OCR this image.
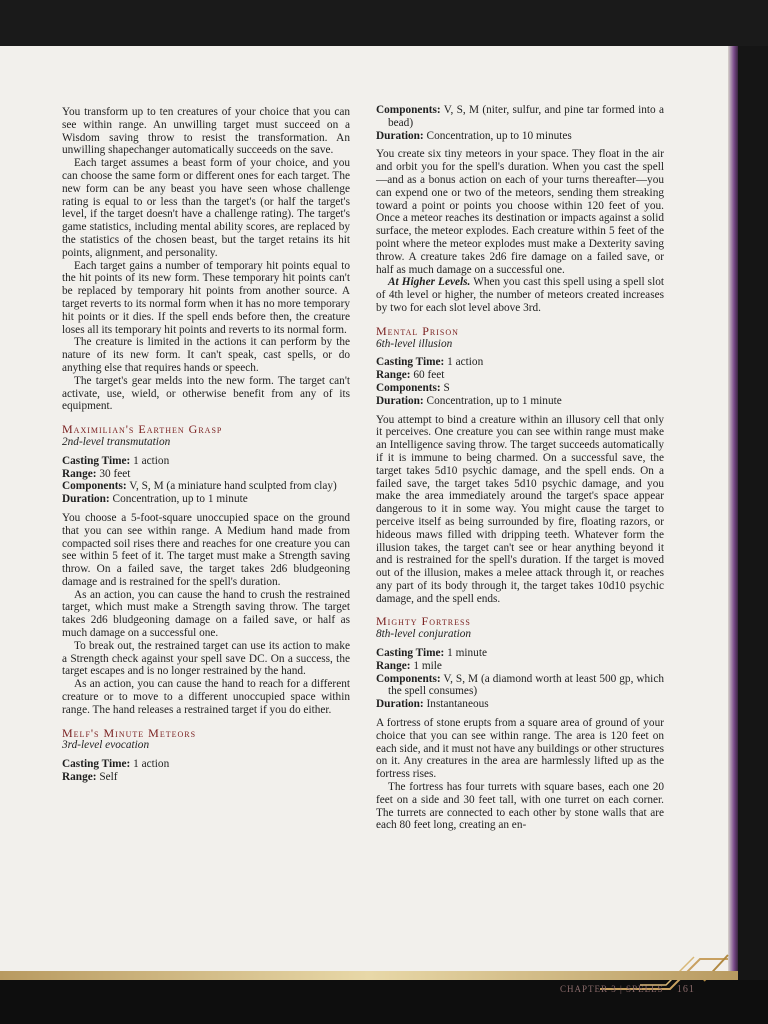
You transform up to ten creatures of your choice that you can see within range. An unwilling target must succeed on a Wisdom saving throw to resist the transformation. An unwilling shapechanger automatically succeeds on the save.

Each target assumes a beast form of your choice, and you can choose the same form or different ones for each target. The new form can be any beast you have seen whose challenge rating is equal to or less than the target's (or half the target's level, if the target doesn't have a challenge rating). The target's game statistics, including mental ability scores, are replaced by the statistics of the chosen beast, but the target retains its hit points, alignment, and personality.

Each target gains a number of temporary hit points equal to the hit points of its new form. These temporary hit points can't be replaced by temporary hit points from another source. A target reverts to its normal form when it has no more temporary hit points or it dies. If the spell ends before then, the creature loses all its temporary hit points and reverts to its normal form.

The creature is limited in the actions it can perform by the nature of its new form. It can't speak, cast spells, or do anything else that requires hands or speech.

The target's gear melds into the new form. The target can't activate, use, wield, or otherwise benefit from any of its equipment.

Maximilian's Earthen Grasp
2nd-level transmutation

Casting Time: 1 action

Range: 30 feet

Components: V, S, M (a miniature hand sculpted from clay)

Duration: Concentration, up to 1 minute

You choose a 5-foot-square unoccupied space on the ground that you can see within range. A Medium hand made from compacted soil rises there and reaches for one creature you can see within 5 feet of it. The target must make a Strength saving throw. On a failed save, the target takes 2d6 bludgeoning damage and is restrained for the spell's duration.

As an action, you can cause the hand to crush the restrained target, which must make a Strength saving throw. The target takes 2d6 bludgeoning damage on a failed save, or half as much damage on a successful one.

To break out, the restrained target can use its action to make a Strength check against your spell save DC. On a success, the target escapes and is no longer restrained by the hand.

As an action, you can cause the hand to reach for a different creature or to move to a different unoccupied space within range. The hand releases a restrained target if you do either.

Melf's Minute Meteors
3rd-level evocation

Casting Time: 1 action

Range: Self

Components: V, S, M (niter, sulfur, and pine tar formed into a bead)

Duration: Concentration, up to 10 minutes

You create six tiny meteors in your space. They float in the air and orbit you for the spell's duration. When you cast the spell—and as a bonus action on each of your turns thereafter—you can expend one or two of the meteors, sending them streaking toward a point or points you choose within 120 feet of you. Once a meteor reaches its destination or impacts against a solid surface, the meteor explodes. Each creature within 5 feet of the point where the meteor explodes must make a Dexterity saving throw. A creature takes 2d6 fire damage on a failed save, or half as much damage on a successful one.

At Higher Levels. When you cast this spell using a spell slot of 4th level or higher, the number of meteors created increases by two for each slot level above 3rd.

Mental Prison
6th-level illusion

Casting Time: 1 action

Range: 60 feet

Components: S

Duration: Concentration, up to 1 minute

You attempt to bind a creature within an illusory cell that only it perceives. One creature you can see within range must make an Intelligence saving throw. The target succeeds automatically if it is immune to being charmed. On a successful save, the target takes 5d10 psychic damage, and the spell ends. On a failed save, the target takes 5d10 psychic damage, and you make the area immediately around the target's space appear dangerous to it in some way. You might cause the target to perceive itself as being surrounded by fire, floating razors, or hideous maws filled with dripping teeth. Whatever form the illusion takes, the target can't see or hear anything beyond it and is restrained for the spell's duration. If the target is moved out of the illusion, makes a melee attack through it, or reaches any part of its body through it, the target takes 10d10 psychic damage, and the spell ends.

Mighty Fortress
8th-level conjuration

Casting Time: 1 minute

Range: 1 mile

Components: V, S, M (a diamond worth at least 500 gp, which the spell consumes)

Duration: Instantaneous

A fortress of stone erupts from a square area of ground of your choice that you can see within range. The area is 120 feet on each side, and it must not have any buildings or other structures on it. Any creatures in the area are harmlessly lifted up as the fortress rises.

The fortress has four turrets with square bases, each one 20 feet on a side and 30 feet tall, with one turret on each corner. The turrets are connected to each other by stone walls that are each 80 feet long, creating an en-

CHAPTER 3 | SPELLS 161
